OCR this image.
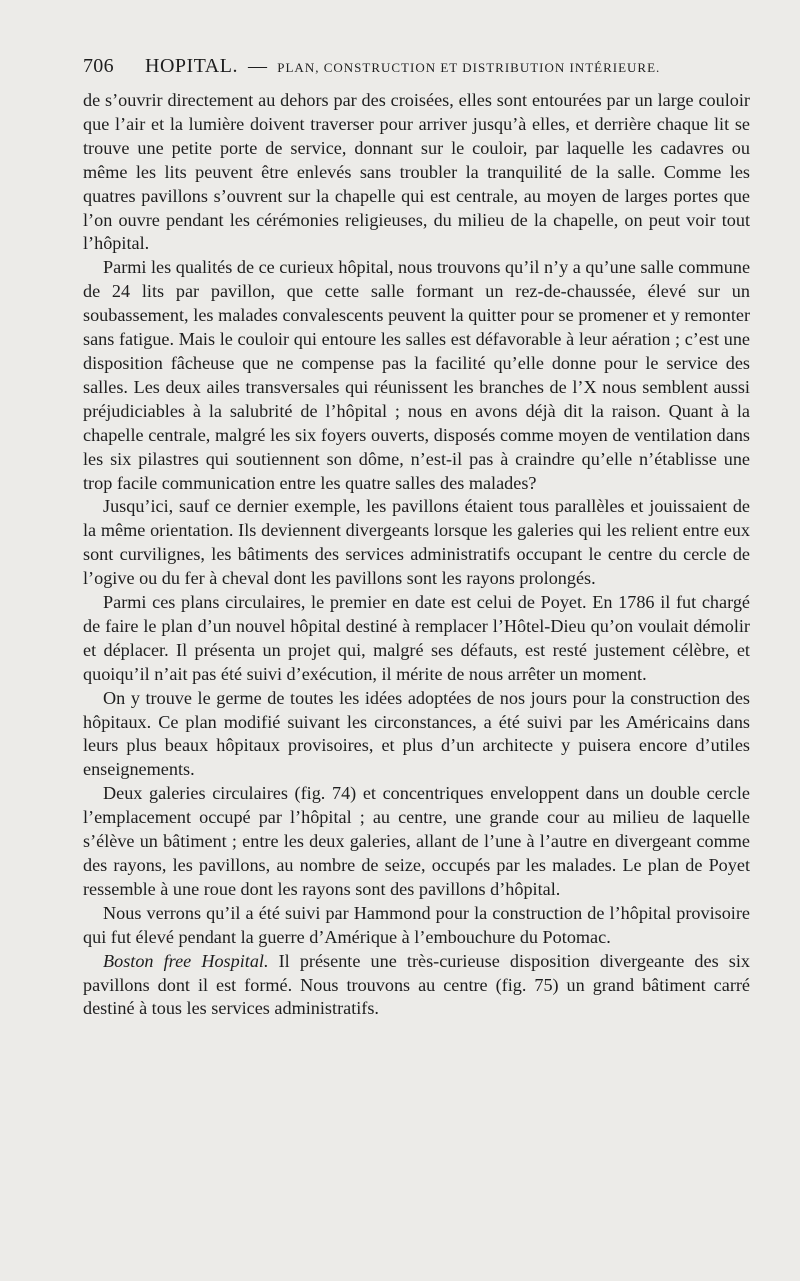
706	HOPITAL. — PLAN, CONSTRUCTION ET DISTRIBUTION INTÉRIEURE.

de s’ouvrir directement au dehors par des croisées, elles sont entourées par un large couloir que l’air et la lumière doivent traverser pour arriver jusqu’à elles, et derrière chaque lit se trouve une petite porte de service, donnant sur le couloir, par laquelle les cadavres ou même les lits peuvent être enlevés sans troubler la tranquilité de la salle. Comme les quatres pavillons s’ouvrent sur la chapelle qui est centrale, au moyen de larges portes que l’on ouvre pendant les cérémonies religieuses, du milieu de la chapelle, on peut voir tout l’hôpital.

Parmi les qualités de ce curieux hôpital, nous trouvons qu’il n’y a qu’une salle commune de 24 lits par pavillon, que cette salle formant un rez-de-chaussée, élevé sur un soubassement, les malades convalescents peuvent la quitter pour se promener et y remonter sans fatigue. Mais le couloir qui entoure les salles est défavorable à leur aération ; c’est une disposition fâcheuse que ne compense pas la facilité qu’elle donne pour le service des salles. Les deux ailes transversales qui réunissent les branches de l’X nous semblent aussi préjudiciables à la salubrité de l’hôpital ; nous en avons déjà dit la raison. Quant à la chapelle centrale, malgré les six foyers ouverts, disposés comme moyen de ventilation dans les six pilastres qui soutiennent son dôme, n’est-il pas à craindre qu’elle n’établisse une trop facile communication entre les quatre salles des malades?

Jusqu’ici, sauf ce dernier exemple, les pavillons étaient tous parallèles et jouissaient de la même orientation. Ils deviennent divergeants lorsque les galeries qui les relient entre eux sont curvilignes, les bâtiments des services administratifs occupant le centre du cercle de l’ogive ou du fer à cheval dont les pavillons sont les rayons prolongés.

Parmi ces plans circulaires, le premier en date est celui de Poyet. En 1786 il fut chargé de faire le plan d’un nouvel hôpital destiné à remplacer l’Hôtel-Dieu qu’on voulait démolir et déplacer. Il présenta un projet qui, malgré ses défauts, est resté justement célèbre, et quoiqu’il n’ait pas été suivi d’exécution, il mérite de nous arrêter un moment.

On y trouve le germe de toutes les idées adoptées de nos jours pour la construction des hôpitaux. Ce plan modifié suivant les circonstances, a été suivi par les Américains dans leurs plus beaux hôpitaux provisoires, et plus d’un architecte y puisera encore d’utiles enseignements.

Deux galeries circulaires (fig. 74) et concentriques enveloppent dans un double cercle l’emplacement occupé par l’hôpital ; au centre, une grande cour au milieu de laquelle s’élève un bâtiment ; entre les deux galeries, allant de l’une à l’autre en divergeant comme des rayons, les pavillons, au nombre de seize, occupés par les malades. Le plan de Poyet ressemble à une roue dont les rayons sont des pavillons d’hôpital.

Nous verrons qu’il a été suivi par Hammond pour la construction de l’hôpital provisoire qui fut élevé pendant la guerre d’Amérique à l’embouchure du Potomac.

Boston free Hospital. Il présente une très-curieuse disposition divergeante des six pavillons dont il est formé. Nous trouvons au centre (fig. 75) un grand bâtiment carré destiné à tous les services administratifs.
